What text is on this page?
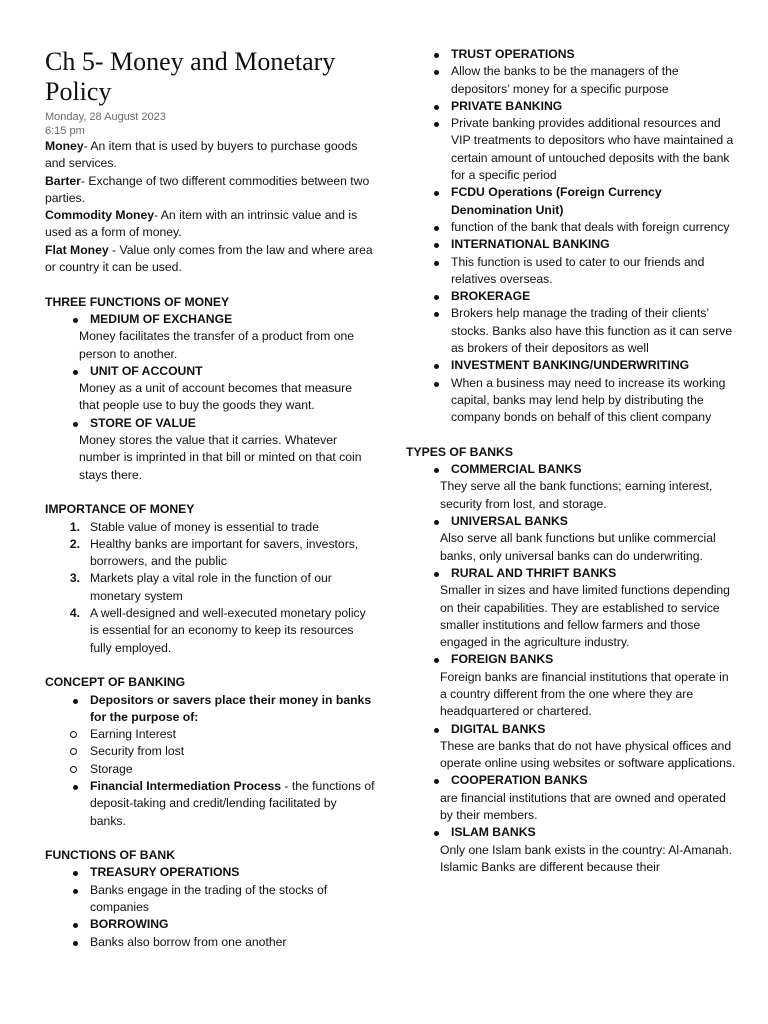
Ch 5- Money and Monetary Policy
Monday, 28 August 2023
6:15 pm
Money- An item that is used by buyers to purchase goods and services.
Barter- Exchange of two different commodities between two parties.
Commodity Money- An item with an intrinsic value and is used as a form of money.
Flat Money - Value only comes from the law and where area or country it can be used.
THREE FUNCTIONS OF MONEY
MEDIUM OF EXCHANGE
Money facilitates the transfer of a product from one person to another.
UNIT OF ACCOUNT
Money as a unit of account becomes that measure that people use to buy the goods they want.
STORE OF VALUE
Money stores the value that it carries. Whatever number is imprinted in that bill or minted on that coin stays there.
IMPORTANCE OF MONEY
1. Stable value of money is essential to trade
2. Healthy banks are important for savers, investors, borrowers, and the public
3. Markets play a vital role in the function of our monetary system
4. A well-designed and well-executed monetary policy is essential for an economy to keep its resources fully employed.
CONCEPT OF BANKING
Depositors or savers place their money in banks for the purpose of:
Earning Interest
Security from lost
Storage
Financial Intermediation Process - the functions of deposit-taking and credit/lending facilitated by banks.
FUNCTIONS OF BANK
TREASURY OPERATIONS
Banks engage in the trading of the stocks of companies
BORROWING
Banks also borrow from one another
TRUST OPERATIONS
Allow the banks to be the managers of the depositors’ money for a specific purpose
PRIVATE BANKING
Private banking provides additional resources and VIP treatments to depositors who have maintained a certain amount of untouched deposits with the bank for a specific period
FCDU Operations (Foreign Currency Denomination Unit)
function of the bank that deals with foreign currency
INTERNATIONAL BANKING
This function is used to cater to our friends and relatives overseas.
BROKERAGE
Brokers help manage the trading of their clients’ stocks. Banks also have this function as it can serve as brokers of their depositors as well
INVESTMENT BANKING/UNDERWRITING
When a business may need to increase its working capital, banks may lend help by distributing the company bonds on behalf of this client company
TYPES OF BANKS
COMMERCIAL BANKS
They serve all the bank functions; earning interest, security from lost, and storage.
UNIVERSAL BANKS
Also serve all bank functions but unlike commercial banks, only universal banks can do underwriting.
RURAL AND THRIFT BANKS
Smaller in sizes and have limited functions depending on their capabilities. They are established to service smaller institutions and fellow farmers and those engaged in the agriculture industry.
FOREIGN BANKS
Foreign banks are financial institutions that operate in a country different from the one where they are headquartered or chartered.
DIGITAL BANKS
These are banks that do not have physical offices and operate online using websites or software applications.
COOPERATION BANKS
are financial institutions that are owned and operated by their members.
ISLAM BANKS
Only one Islam bank exists in the country: Al-Amanah. Islamic Banks are different because their
